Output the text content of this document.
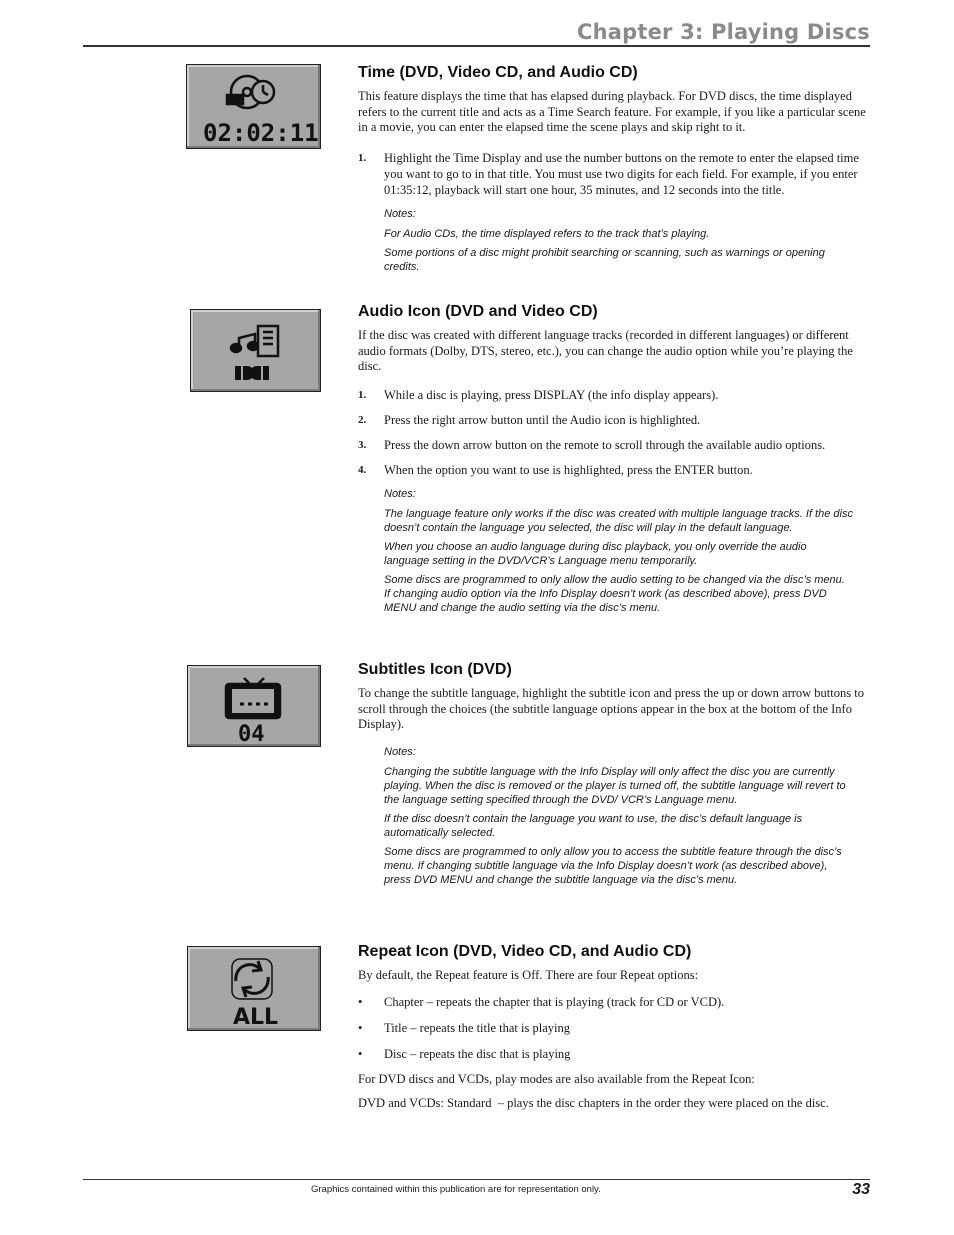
Chapter 3: Playing Discs
02:02:11
Time (DVD, Video CD, and Audio CD)

This feature displays the time that has elapsed during playback. For DVD discs, the time displayed refers to the current title and acts as a Time Search feature. For example, if you like a particular scene in a movie, you can enter the elapsed time the scene plays and skip right to it.

1. Highlight the Time Display and use the number buttons on the remote to enter the elapsed time you want to go to in that title. You must use two digits for each field. For example, if you enter 01:35:12, playback will start one hour, 35 minutes, and 12 seconds into the title.

Notes:

For Audio CDs, the time displayed refers to the track that’s playing.

Some portions of a disc might prohibit searching or scanning, such as warnings or opening credits.

Audio Icon (DVD and Video CD)

If the disc was created with different language tracks (recorded in different languages) or different audio formats (Dolby, DTS, stereo, etc.), you can change the audio option while you’re playing the disc.

1. While a disc is playing, press DISPLAY (the info display appears).
2. Press the right arrow button until the Audio icon is highlighted.
3. Press the down arrow button on the remote to scroll through the available audio options.
4. When the option you want to use is highlighted, press the ENTER button.

Notes:

The language feature only works if the disc was created with multiple language tracks. If the disc doesn’t contain the language you selected, the disc will play in the default language.

When you choose an audio language during disc playback, you only override the audio language setting in the DVD/VCR’s Language menu temporarily.

Some discs are programmed to only allow the audio setting to be changed via the disc’s menu. If changing audio option via the Info Display doesn’t work (as described above), press DVD MENU and change the audio setting via the disc’s menu.

04
Subtitles Icon (DVD)

To change the subtitle language, highlight the subtitle icon and press the up or down arrow buttons to scroll through the choices (the subtitle language options appear in the box at the bottom of the Info Display).

Notes:

Changing the subtitle language with the Info Display will only affect the disc you are currently playing. When the disc is removed or the player is turned off, the subtitle language will revert to the language setting specified through the DVD/ VCR’s Language menu.

If the disc doesn’t contain the language you want to use, the disc’s default language is automatically selected.

Some discs are programmed to only allow you to access the subtitle feature through the disc’s menu. If changing subtitle language via the Info Display doesn’t work (as described above), press DVD MENU and change the subtitle language via the disc’s menu.

ALL
Repeat Icon (DVD, Video CD, and Audio CD)

By default, the Repeat feature is Off. There are four Repeat options:

• Chapter – repeats the chapter that is playing (track for CD or VCD).
• Title – repeats the title that is playing
• Disc – repeats the disc that is playing

For DVD discs and VCDs, play modes are also available from the Repeat Icon:

DVD and VCDs: Standard  – plays the disc chapters in the order they were placed on the disc.

Graphics contained within this publication are for representation only.	33
